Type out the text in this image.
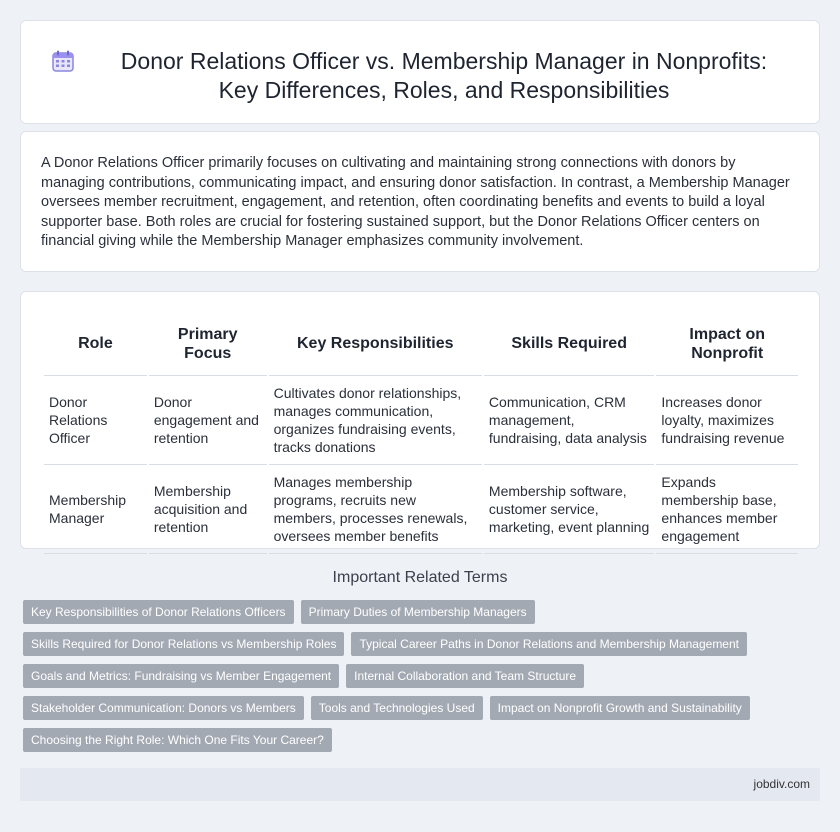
Donor Relations Officer vs. Membership Manager in Nonprofits: Key Differences, Roles, and Responsibilities

A Donor Relations Officer primarily focuses on cultivating and maintaining strong connections with donors by managing contributions, communicating impact, and ensuring donor satisfaction. In contrast, a Membership Manager oversees member recruitment, engagement, and retention, often coordinating benefits and events to build a loyal supporter base. Both roles are crucial for fostering sustained support, but the Donor Relations Officer centers on financial giving while the Membership Manager emphasizes community involvement.

Role	Primary Focus	Key Responsibilities	Skills Required	Impact on Nonprofit
Donor Relations Officer	Donor engagement and retention	Cultivates donor relationships, manages communication, organizes fundraising events, tracks donations	Communication, CRM management, fundraising, data analysis	Increases donor loyalty, maximizes fundraising revenue
Membership Manager	Membership acquisition and retention	Manages membership programs, recruits new members, processes renewals, oversees member benefits	Membership software, customer service, marketing, event planning	Expands membership base, enhances member engagement
Important Related Terms
Key Responsibilities of Donor Relations Officers	Primary Duties of Membership Managers
Skills Required for Donor Relations vs Membership Roles	Typical Career Paths in Donor Relations and Membership Management
Goals and Metrics: Fundraising vs Member Engagement	Internal Collaboration and Team Structure
Stakeholder Communication: Donors vs Members	Tools and Technologies Used	Impact on Nonprofit Growth and Sustainability
Choosing the Right Role: Which One Fits Your Career?
jobdiv.com
